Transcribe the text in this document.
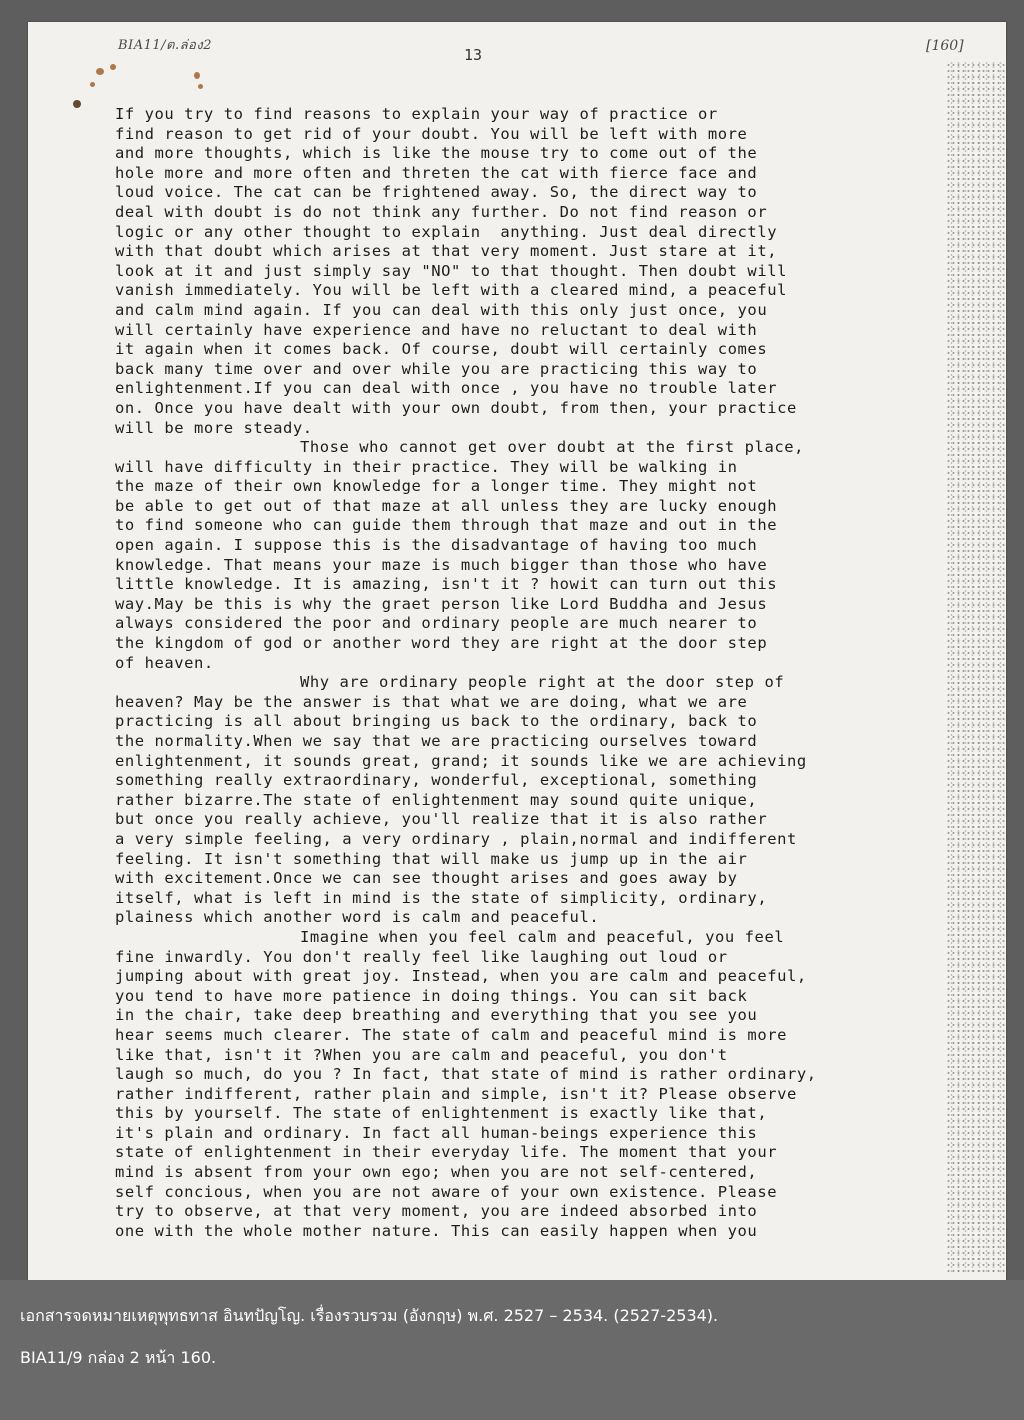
BIA11/ต.ล่อง2
13	[160]
If you try to find reasons to explain your way of practice or
find reason to get rid of your doubt. You will be left with more
and more thoughts, which is like the mouse try to come out of the
hole more and more often and threten the cat with fierce face and
loud voice. The cat can be frightened away. So, the direct way to
deal with doubt is do not think any further. Do not find reason or
logic or any other thought to explain  anything. Just deal directly
with that doubt which arises at that very moment. Just stare at it,
look at it and just simply say "NO" to that thought. Then doubt will
vanish immediately. You will be left with a cleared mind, a peaceful
and calm mind again. If you can deal with this only just once, you
will certainly have experience and have no reluctant to deal with
it again when it comes back. Of course, doubt will certainly comes
back many time over and over while you are practicing this way to
enlightenment.If you can deal with once , you have no trouble later
on. Once you have dealt with your own doubt, from then, your practice
will be more steady.
Those who cannot get over doubt at the first place,
will have difficulty in their practice. They will be walking in
the maze of their own knowledge for a longer time. They might not
be able to get out of that maze at all unless they are lucky enough
to find someone who can guide them through that maze and out in the
open again. I suppose this is the disadvantage of having too much
knowledge. That means your maze is much bigger than those who have
little knowledge. It is amazing, isn't it ? howit can turn out this
way.May be this is why the graet person like Lord Buddha and Jesus
always considered the poor and ordinary people are much nearer to
the kingdom of god or another word they are right at the door step
of heaven.
Why are ordinary people right at the door step of
heaven? May be the answer is that what we are doing, what we are
practicing is all about bringing us back to the ordinary, back to
the normality.When we say that we are practicing ourselves toward
enlightenment, it sounds great, grand; it sounds like we are achieving
something really extraordinary, wonderful, exceptional, something
rather bizarre.The state of enlightenment may sound quite unique,
but once you really achieve, you'll realize that it is also rather
a very simple feeling, a very ordinary , plain,normal and indifferent
feeling. It isn't something that will make us jump up in the air
with excitement.Once we can see thought arises and goes away by
itself, what is left in mind is the state of simplicity, ordinary,
plainess which another word is calm and peaceful.
Imagine when you feel calm and peaceful, you feel
fine inwardly. You don't really feel like laughing out loud or
jumping about with great joy. Instead, when you are calm and peaceful,
you tend to have more patience in doing things. You can sit back
in the chair, take deep breathing and everything that you see you
hear seems much clearer. The state of calm and peaceful mind is more
like that, isn't it ?When you are calm and peaceful, you don't
laugh so much, do you ? In fact, that state of mind is rather ordinary,
rather indifferent, rather plain and simple, isn't it? Please observe
this by yourself. The state of enlightenment is exactly like that,
it's plain and ordinary. In fact all human-beings experience this
state of enlightenment in their everyday life. The moment that your
mind is absent from your own ego; when you are not self-centered,
self concious, when you are not aware of your own existence. Please
try to observe, at that very moment, you are indeed absorbed into
one with the whole mother nature. This can easily happen when you
เอกสารจดหมายเหตุพุทธทาส อินทปัญโญ. เรื่องรวบรวม (อังกฤษ) พ.ศ. 2527 – 2534. (2527-2534).
BIA11/9 กล่อง 2 หน้า 160.
